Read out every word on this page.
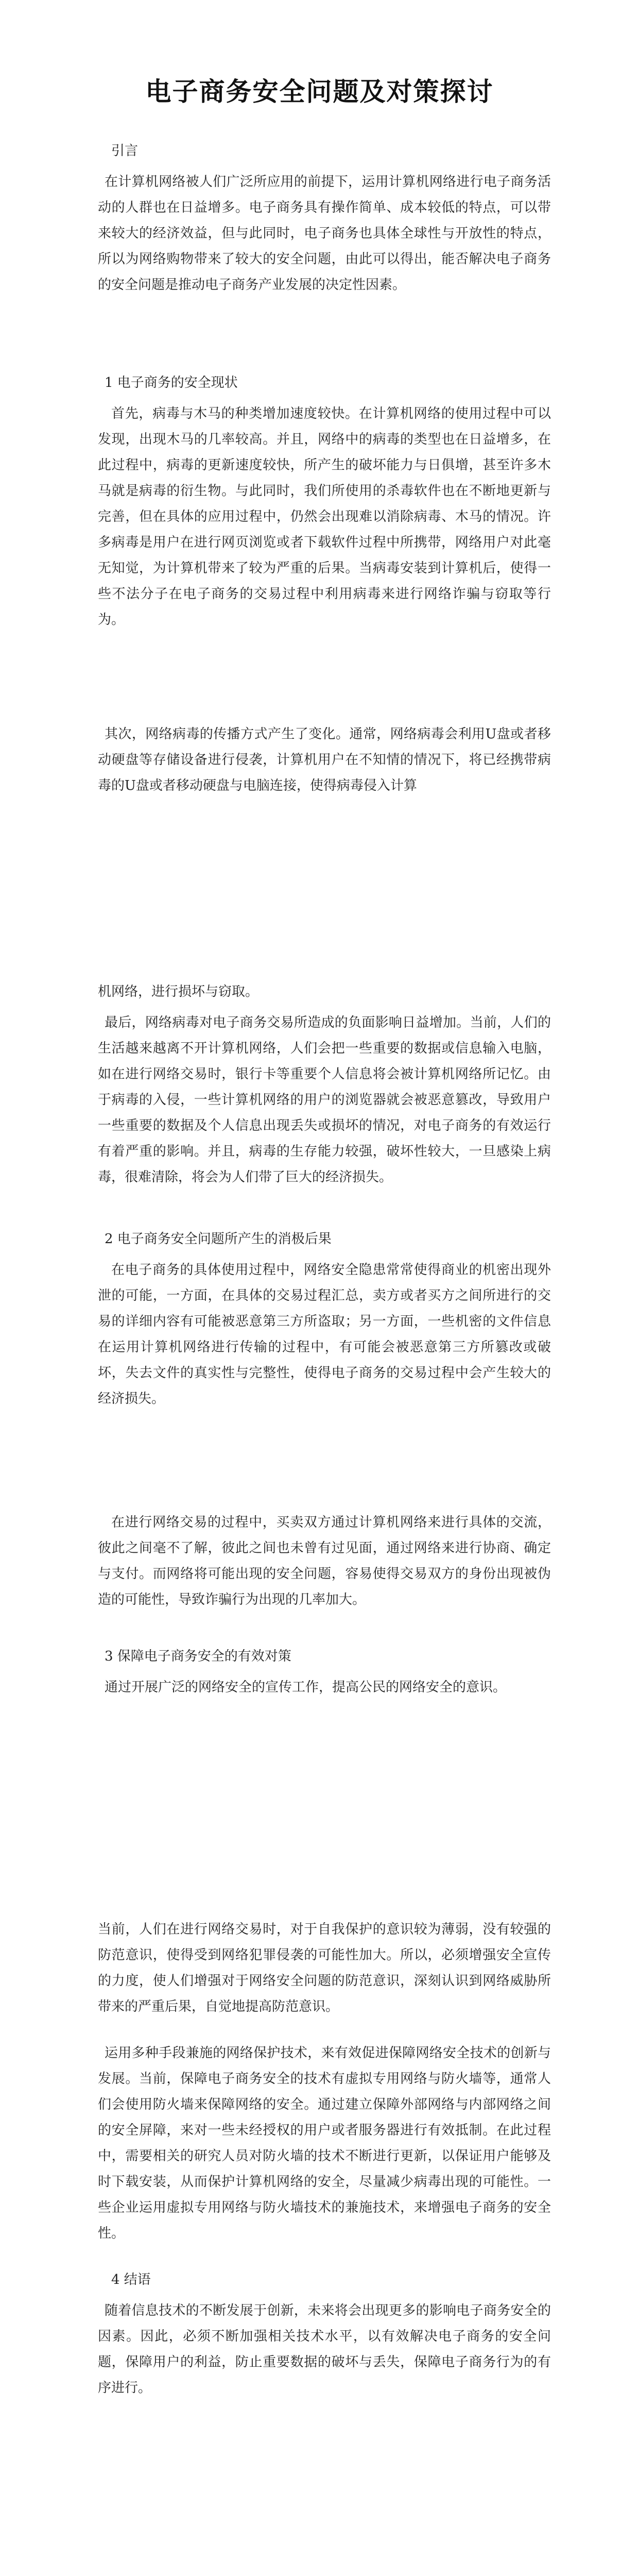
电子商务安全问题及对策探讨

引言

在计算机网络被人们广泛所应用的前提下，运用计算机网络进行电子商务活动的人群也在日益增多。电子商务具有操作简单、成本较低的特点，可以带来较大的经济效益，但与此同时，电子商务也具体全球性与开放性的特点，所以为网络购物带来了较大的安全问题，由此可以得出，能否解决电子商务的安全问题是推动电子商务产业发展的决定性因素。

1 电子商务的安全现状

首先，病毒与木马的种类增加速度较快。在计算机网络的使用过程中可以发现，出现木马的几率较高。并且，网络中的病毒的类型也在日益增多，在此过程中，病毒的更新速度较快，所产生的破坏能力与日俱增，甚至许多木马就是病毒的衍生物。与此同时，我们所使用的杀毒软件也在不断地更新与完善，但在具体的应用过程中，仍然会出现难以消除病毒、木马的情况。许多病毒是用户在进行网页浏览或者下载软件过程中所携带，网络用户对此毫无知觉，为计算机带来了较为严重的后果。当病毒安装到计算机后，使得一些不法分子在电子商务的交易过程中利用病毒来进行网络诈骗与窃取等行为。

其次，网络病毒的传播方式产生了变化。通常，网络病毒会利用U盘或者移动硬盘等存储设备进行侵袭，计算机用户在不知情的情况下，将已经携带病毒的U盘或者移动硬盘与电脑连接，使得病毒侵入计算

机网络，进行损坏与窃取。

最后，网络病毒对电子商务交易所造成的负面影响日益增加。当前，人们的生活越来越离不开计算机网络，人们会把一些重要的数据或信息输入电脑，如在进行网络交易时，银行卡等重要个人信息将会被计算机网络所记忆。由于病毒的入侵，一些计算机网络的用户的浏览器就会被恶意篡改，导致用户一些重要的数据及个人信息出现丢失或损坏的情况，对电子商务的有效运行有着严重的影响。并且，病毒的生存能力较强，破坏性较大，一旦感染上病毒，很难清除，将会为人们带了巨大的经济损失。

2 电子商务安全问题所产生的消极后果

在电子商务的具体使用过程中，网络安全隐患常常使得商业的机密出现外泄的可能，一方面，在具体的交易过程汇总，卖方或者买方之间所进行的交易的详细内容有可能被恶意第三方所盗取；另一方面，一些机密的文件信息在运用计算机网络进行传输的过程中，有可能会被恶意第三方所篡改或破坏，失去文件的真实性与完整性，使得电子商务的交易过程中会产生较大的经济损失。

在进行网络交易的过程中，买卖双方通过计算机网络来进行具体的交流，彼此之间毫不了解，彼此之间也未曾有过见面，通过网络来进行协商、确定与支付。而网络将可能出现的安全问题，容易使得交易双方的身份出现被伪造的可能性，导致诈骗行为出现的几率加大。

3 保障电子商务安全的有效对策

通过开展广泛的网络安全的宣传工作，提高公民的网络安全的意识。

当前，人们在进行网络交易时，对于自我保护的意识较为薄弱，没有较强的防范意识，使得受到网络犯罪侵袭的可能性加大。所以，必须增强安全宣传的力度，使人们增强对于网络安全问题的防范意识，深刻认识到网络威胁所带来的严重后果，自觉地提高防范意识。

运用多种手段兼施的网络保护技术，来有效促进保障网络安全技术的创新与发展。当前，保障电子商务安全的技术有虚拟专用网络与防火墙等，通常人们会使用防火墙来保障网络的安全。通过建立保障外部网络与内部网络之间的安全屏障，来对一些未经授权的用户或者服务器进行有效抵制。在此过程中，需要相关的研究人员对防火墙的技术不断进行更新，以保证用户能够及时下载安装，从而保护计算机网络的安全，尽量减少病毒出现的可能性。一些企业运用虚拟专用网络与防火墙技术的兼施技术，来增强电子商务的安全性。

4 结语

随着信息技术的不断发展于创新，未来将会出现更多的影响电子商务安全的因素。因此，必须不断加强相关技术水平，以有效解决电子商务的安全问题，保障用户的利益，防止重要数据的破坏与丢失，保障电子商务行为的有序进行。
